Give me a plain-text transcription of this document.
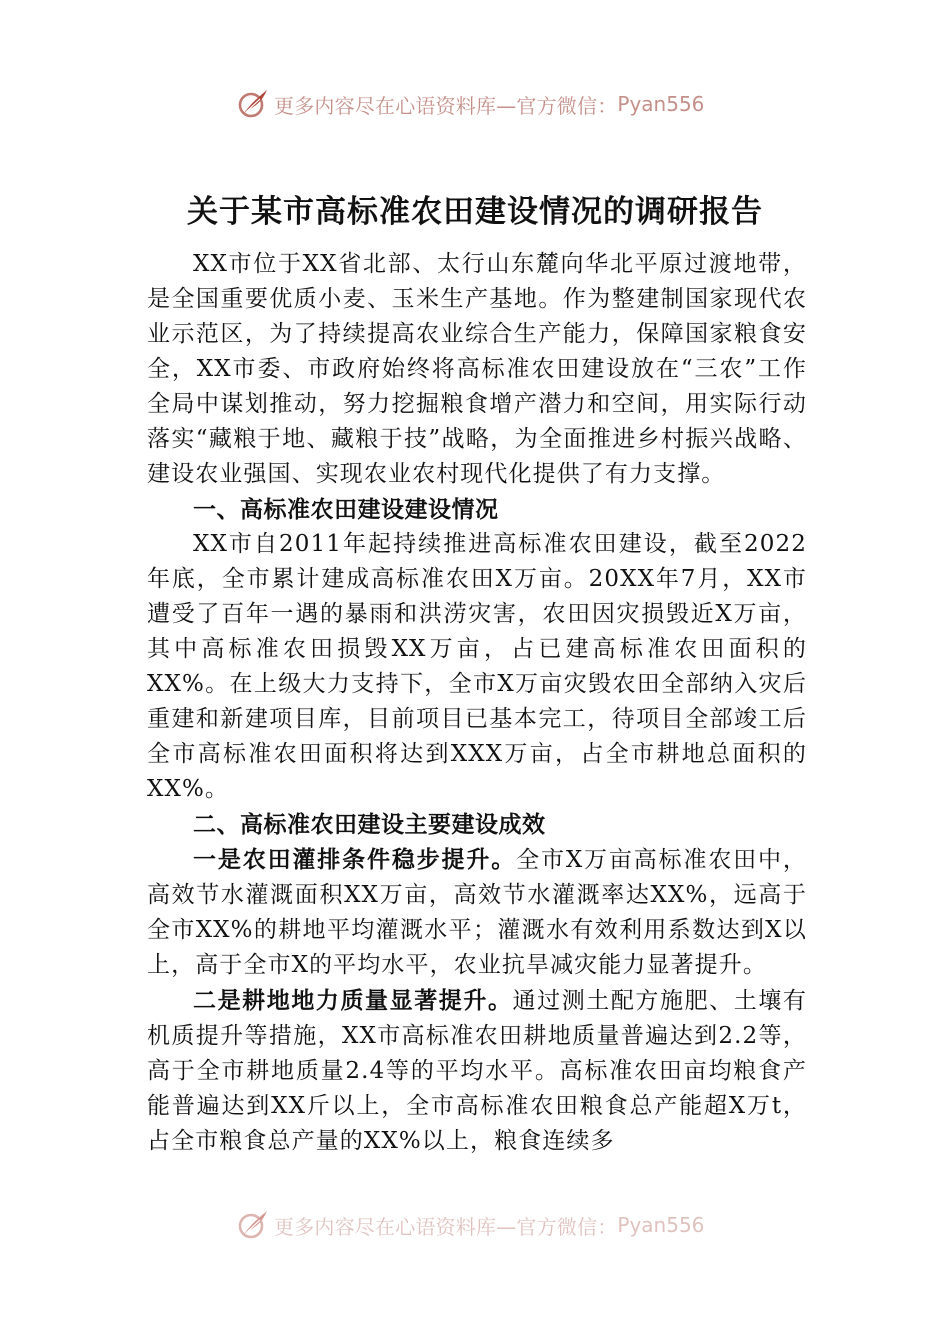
更多内容尽在心语资料库—官方微信： Pyan556
关于某市高标准农田建设情况的调研报告

XX市位于XX省北部、太行山东麓向华北平原过渡地带，是全国重要优质小麦、玉米生产基地。作为整建制国家现代农业示范区，为了持续提高农业综合生产能力，保障国家粮食安全，XX市委、市政府始终将高标准农田建设放在“三农”工作全局中谋划推动，努力挖掘粮食增产潜力和空间，用实际行动落实“藏粮于地、藏粮于技”战略，为全面推进乡村振兴战略、建设农业强国、实现农业农村现代化提供了有力支撑。

一、高标准农田建设建设情况

XX市自2011年起持续推进高标准农田建设，截至2022年底，全市累计建成高标准农田X万亩。20XX年7月，XX市遭受了百年一遇的暴雨和洪涝灾害，农田因灾损毁近X万亩，其中高标准农田损毁XX万亩，占已建高标准农田面积的XX%。在上级大力支持下，全市X万亩灾毁农田全部纳入灾后重建和新建项目库，目前项目已基本完工，待项目全部竣工后全市高标准农田面积将达到XXX万亩，占全市耕地总面积的XX%。

二、高标准农田建设主要建设成效

一是农田灌排条件稳步提升。全市X万亩高标准农田中，高效节水灌溉面积XX万亩，高效节水灌溉率达XX%，远高于全市XX%的耕地平均灌溉水平；灌溉水有效利用系数达到X以上，高于全市X的平均水平，农业抗旱减灾能力显著提升。

二是耕地地力质量显著提升。通过测土配方施肥、土壤有机质提升等措施，XX市高标准农田耕地质量普遍达到2.2等，高于全市耕地质量2.4等的平均水平。高标准农田亩均粮食产能普遍达到XX斤以上，全市高标准农田粮食总产能超X万t，占全市粮食总产量的XX%以上，粮食连续多

更多内容尽在心语资料库—官方微信： Pyan556
